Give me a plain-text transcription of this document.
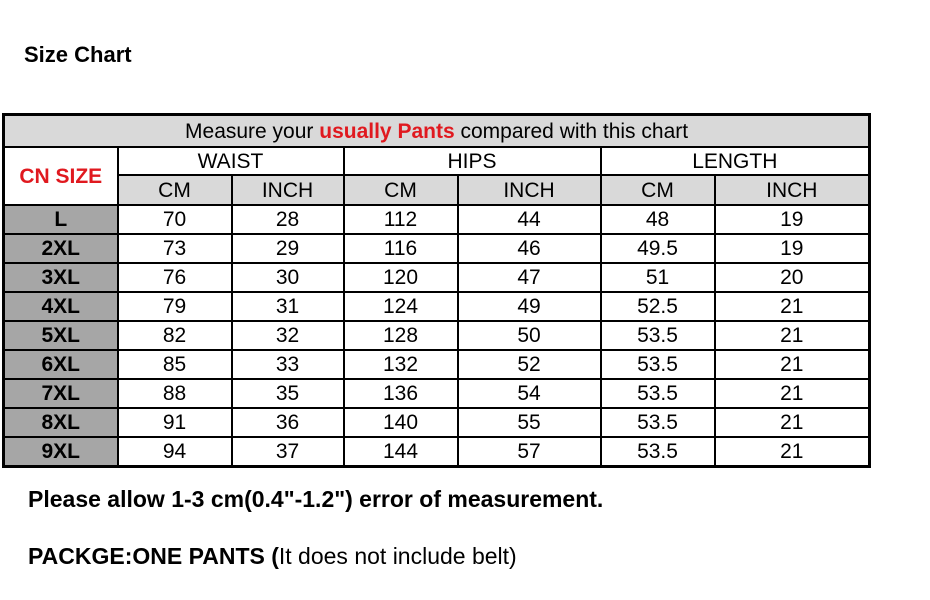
Size Chart
Measure your usually Pants compared with this chart						
CN SIZE	WAIST		HIPS		LENGTH	
	CM	INCH	CM	INCH	CM	INCH
L	70	28	112	44	48	19
2XL	73	29	116	46	49.5	19
3XL	76	30	120	47	51	20
4XL	79	31	124	49	52.5	21
5XL	82	32	128	50	53.5	21
6XL	85	33	132	52	53.5	21
7XL	88	35	136	54	53.5	21
8XL	91	36	140	55	53.5	21
9XL	94	37	144	57	53.5	21
Please allow 1-3 cm(0.4"-1.2") error of measurement.
PACKGE:ONE PANTS (It does not include belt)
